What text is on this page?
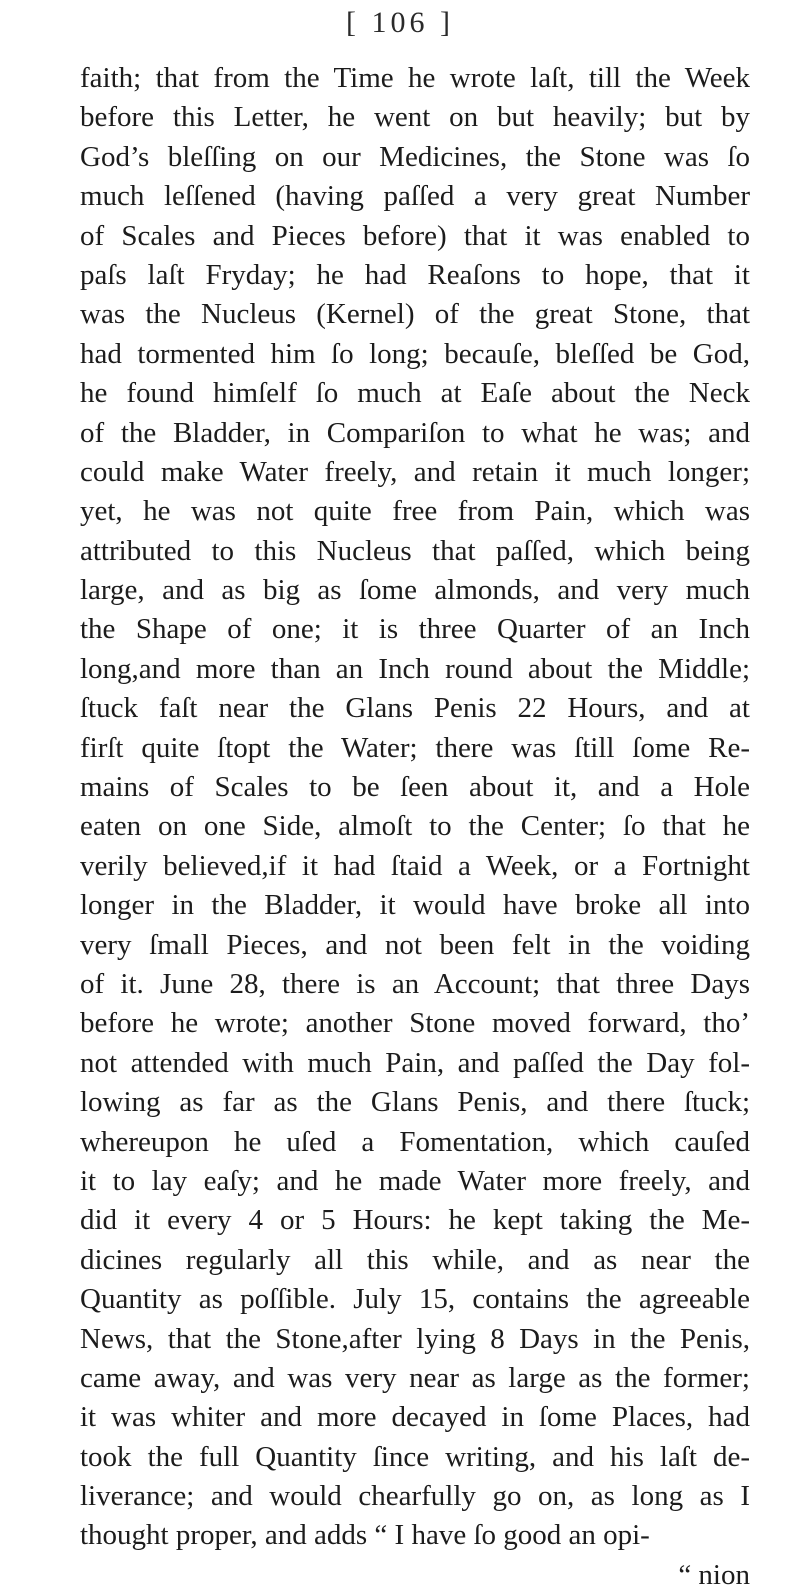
[ 106 ]
faith; that from the Time he wrote laſt, till the Week
before this Letter, he went on but heavily; but by
God’s bleſſing on our Medicines, the Stone was ſo
much leſſened (having paſſed a very great Number
of Scales and Pieces before) that it was enabled to
paſs laſt Fryday; he had Reaſons to hope, that it
was the Nucleus (Kernel) of the great Stone, that
had tormented him ſo long; becauſe, bleſſed be God,
he found himſelf ſo much at Eaſe about the Neck
of the Bladder, in Compariſon to what he was; and
could make Water freely, and retain it much longer;
yet, he was not quite free from Pain, which was
attributed to this Nucleus that paſſed, which being
large, and as big as ſome almonds, and very much
the Shape of one; it is three Quarter of an Inch
long,and more than an Inch round about the Middle;
ſtuck faſt near the Glans Penis 22 Hours, and at
firſt quite ſtopt the Water; there was ſtill ſome Re-
mains of Scales to be ſeen about it, and a Hole
eaten on one Side, almoſt to the Center; ſo that he
verily believed,if it had ſtaid a Week, or a Fortnight
longer in the Bladder, it would have broke all into
very ſmall Pieces, and not been felt in the voiding
of it. June 28, there is an Account; that three Days
before he wrote; another Stone moved forward, tho’
not attended with much Pain, and paſſed the Day fol-
lowing as far as the Glans Penis, and there ſtuck;
whereupon he uſed a Fomentation, which cauſed
it to lay eaſy; and he made Water more freely, and
did it every 4 or 5 Hours: he kept taking the Me-
dicines regularly all this while, and as near the
Quantity as poſſible. July 15, contains the agreeable
News, that the Stone,after lying 8 Days in the Penis,
came away, and was very near as large as the former;
it was whiter and more decayed in ſome Places, had
took the full Quantity ſince writing, and his laſt de-
liverance; and would chearfully go on, as long as I
thought proper, and adds “ I have ſo good an opi-
“ nion
